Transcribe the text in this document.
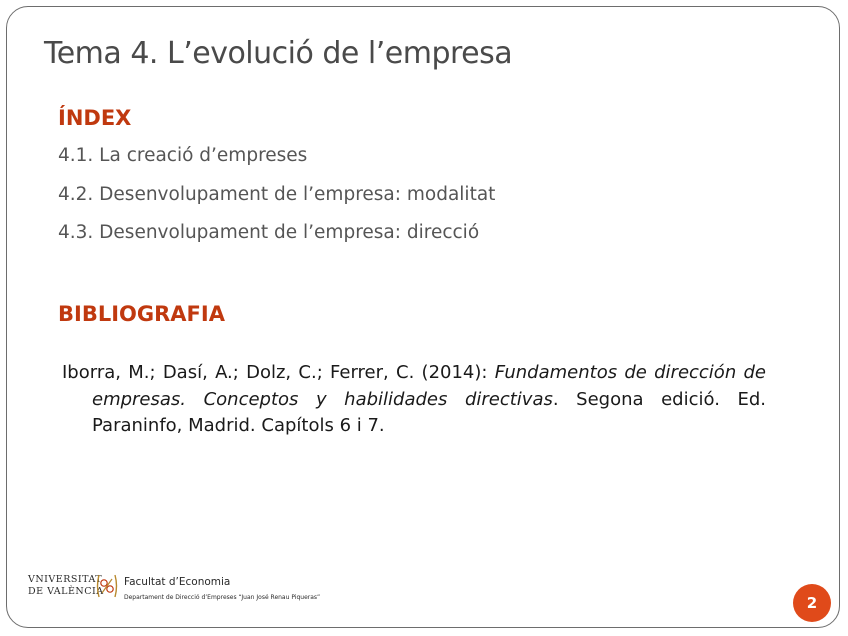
Tema 4. L’evolució de l’empresa
ÍNDEX
4.1. La creació d’empreses
4.2. Desenvolupament de l’empresa: modalitat
4.3. Desenvolupament de l’empresa: direcció
BIBLIOGRAFIA

Iborra, M.; Dasí, A.; Dolz, C.; Ferrer, C. (2014): Fundamentos de dirección de empresas. Conceptos y habilidades directivas. Segona edició. Ed. Paraninfo, Madrid. Capítols 6 i 7.

VNIVERSITAT
DE VALÈNCIA
Facultat d’Economia
Departament de Direcció d’Empreses “Juan José Renau Piqueras”	2
